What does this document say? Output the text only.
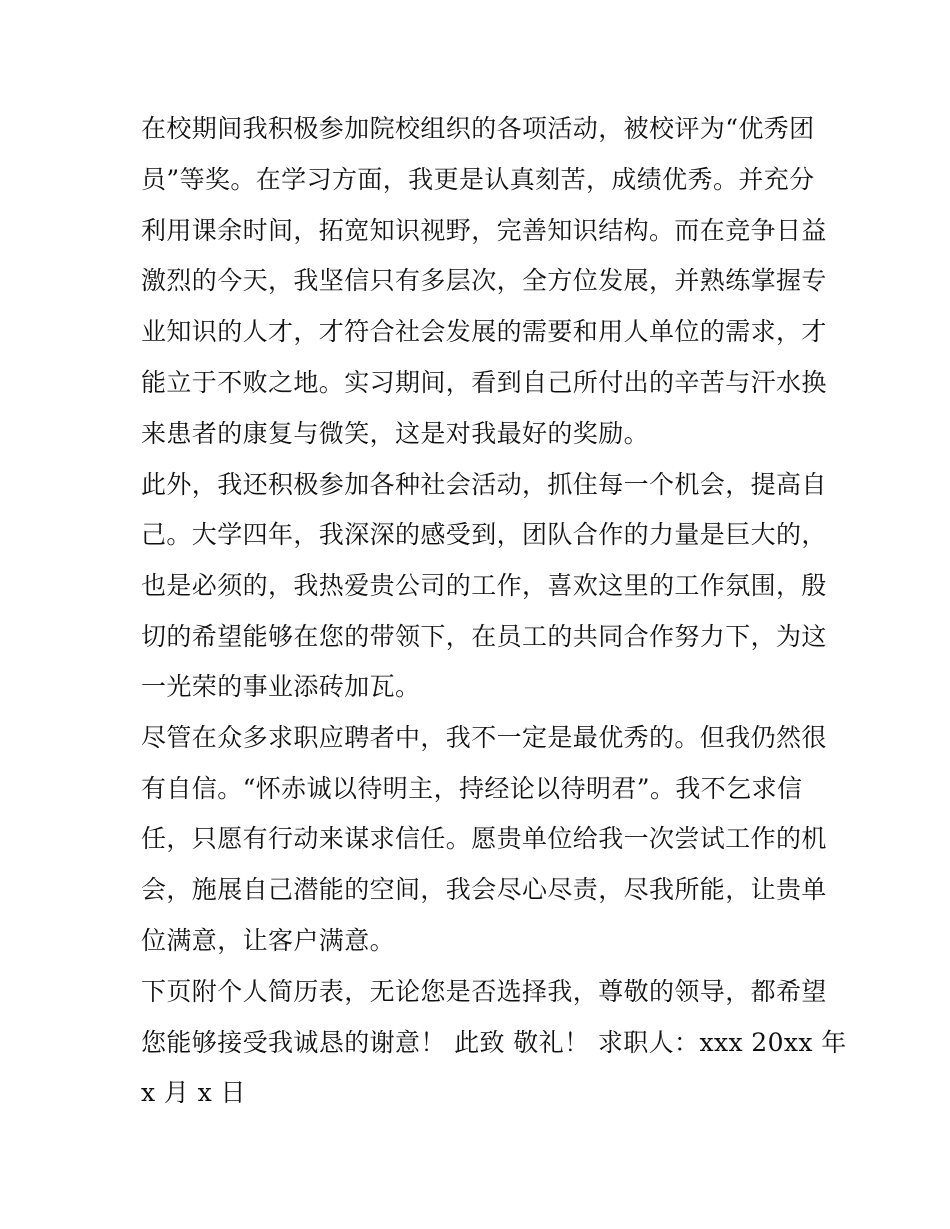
在校期间我积极参加院校组织的各项活动，被校评为“优秀团
员”等奖。在学习方面，我更是认真刻苦，成绩优秀。并充分
利用课余时间，拓宽知识视野，完善知识结构。而在竞争日益
激烈的今天，我坚信只有多层次，全方位发展，并熟练掌握专
业知识的人才，才符合社会发展的需要和用人单位的需求，才
能立于不败之地。实习期间，看到自己所付出的辛苦与汗水换
来患者的康复与微笑，这是对我最好的奖励。
此外，我还积极参加各种社会活动，抓住每一个机会，提高自
己。大学四年，我深深的感受到，团队合作的力量是巨大的，
也是必须的，我热爱贵公司的工作，喜欢这里的工作氛围，殷
切的希望能够在您的带领下，在员工的共同合作努力下，为这
一光荣的事业添砖加瓦。
尽管在众多求职应聘者中，我不一定是最优秀的。但我仍然很
有自信。“怀赤诚以待明主，持经论以待明君”。我不乞求信
任，只愿有行动来谋求信任。愿贵单位给我一次尝试工作的机
会，施展自己潜能的空间，我会尽心尽责，尽我所能，让贵单
位满意，让客户满意。
下页附个人简历表，无论您是否选择我，尊敬的领导，都希望
您能够接受我诚恳的谢意！ 此致 敬礼！ 求职人：xxx 20xx 年
x 月 x 日
